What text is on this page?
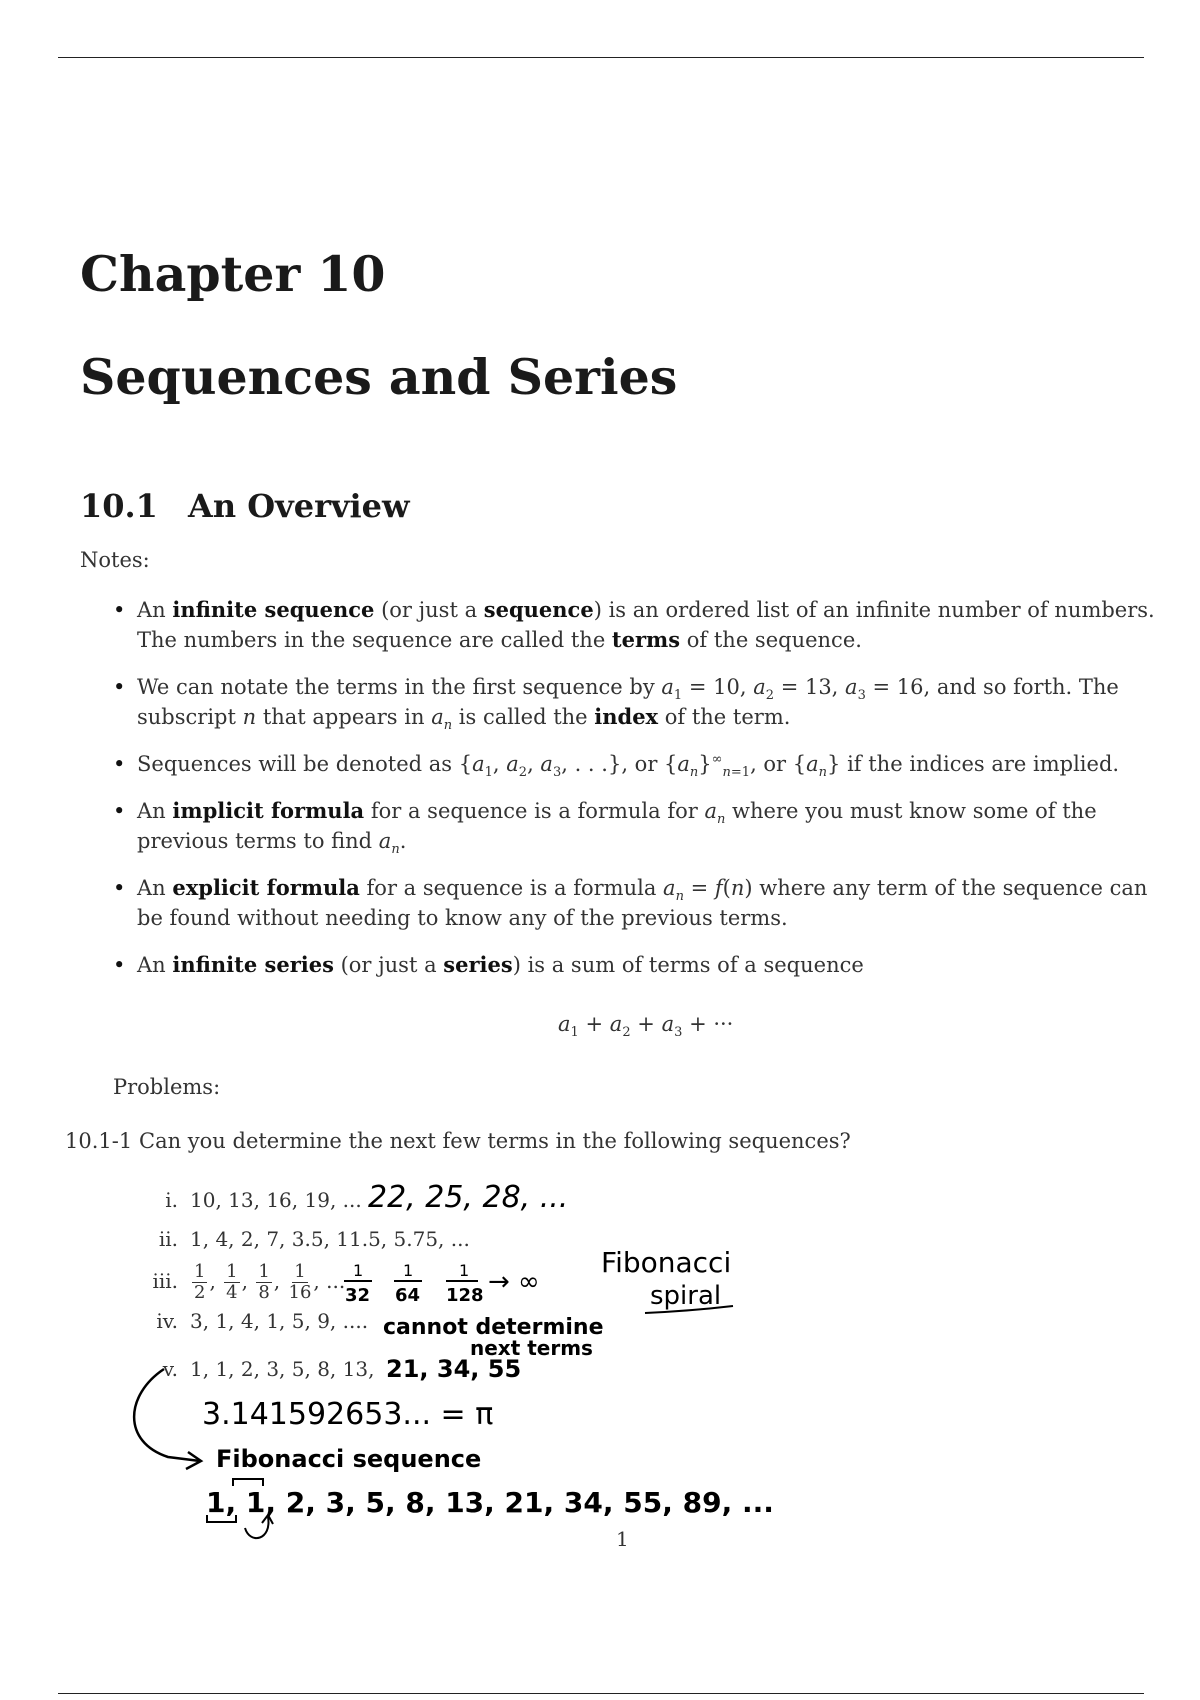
Chapter 10
Sequences and Series
10.1 An Overview
Notes:
• An infinite sequence (or just a sequence) is an ordered list of an infinite number of numbers. The numbers in the sequence are called the terms of the sequence.
• We can notate the terms in the first sequence by $a_1 = 10$, $a_2 = 13$, $a_3 = 16$, and so forth. The subscript n that appears in $a_n$ is called the index of the term.
• Sequences will be denoted as {$a_1$, $a_2$, $a_3$, . . .}, or $\{a_n\}^\infty_{n=1}$, or $\{a_n\}$ if the indices are implied.
• An implicit formula for a sequence is a formula for $a_n$ where you must know some of the previous terms to find $a_n$.
• An explicit formula for a sequence is a formula $a_n = f(n)$ where any term of the sequence can be found without needing to know any of the previous terms.
• An infinite series (or just a series) is a sum of terms of a sequence
$a_1 + a_2 + a_3$ + ···
Problems:
10.1-1 Can you determine the next few terms in the following sequences?
i. 10, 13, 16, 19, ...
ii. 1, 4, 2, 7, 3.5, 11.5, 5.75, ...
iii. $\frac{1}{2}$ , $\frac{1}{4}$ , $\frac{1}{8}$ , $\frac{1}{16}$ , ...
iv. 3, 1, 4, 1, 5, 9, ....
v. 1, 1, 2, 3, 5, 8, 13,
22, 25, 28, ...
1
32
1
64
1
128 → ∞
Fibonacci
spiral
cannot determine
next terms
21, 34, 55
3.141592653... = π
Fibonacci sequence
1, 1, 2, 3, 5, 8, 13, 21, 34, 55, 89, ...
1
